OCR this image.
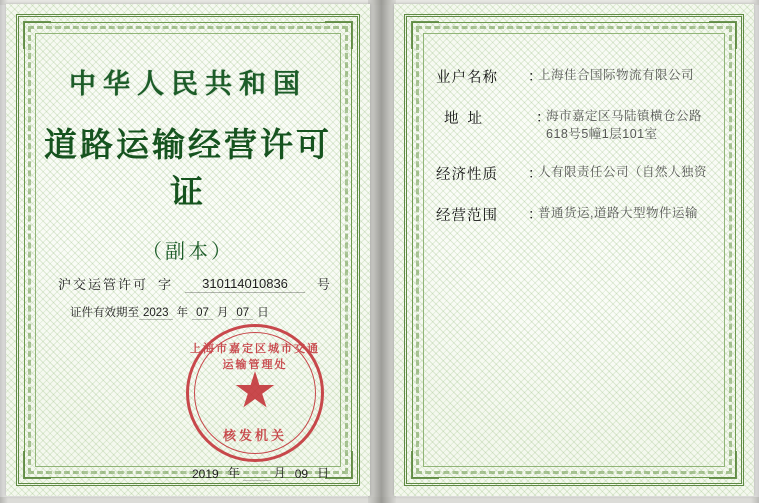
中华人民共和国
道路运输经营许可证
（副本）
沪交运管许可 字	310114010836	号
证件有效期至 2023 年 07 月 07 日
上海市嘉定区城市交通运输管理处
核发机关
2019 年	月 09 日
业户名称	：
上海佳合国际物流有限公司
地址	：
海市嘉定区马陆镇横仓公路
618号5幢1层101室
经济性质	：
人有限责任公司（自然人独资
经营范围	：
普通货运,道路大型物件运输
